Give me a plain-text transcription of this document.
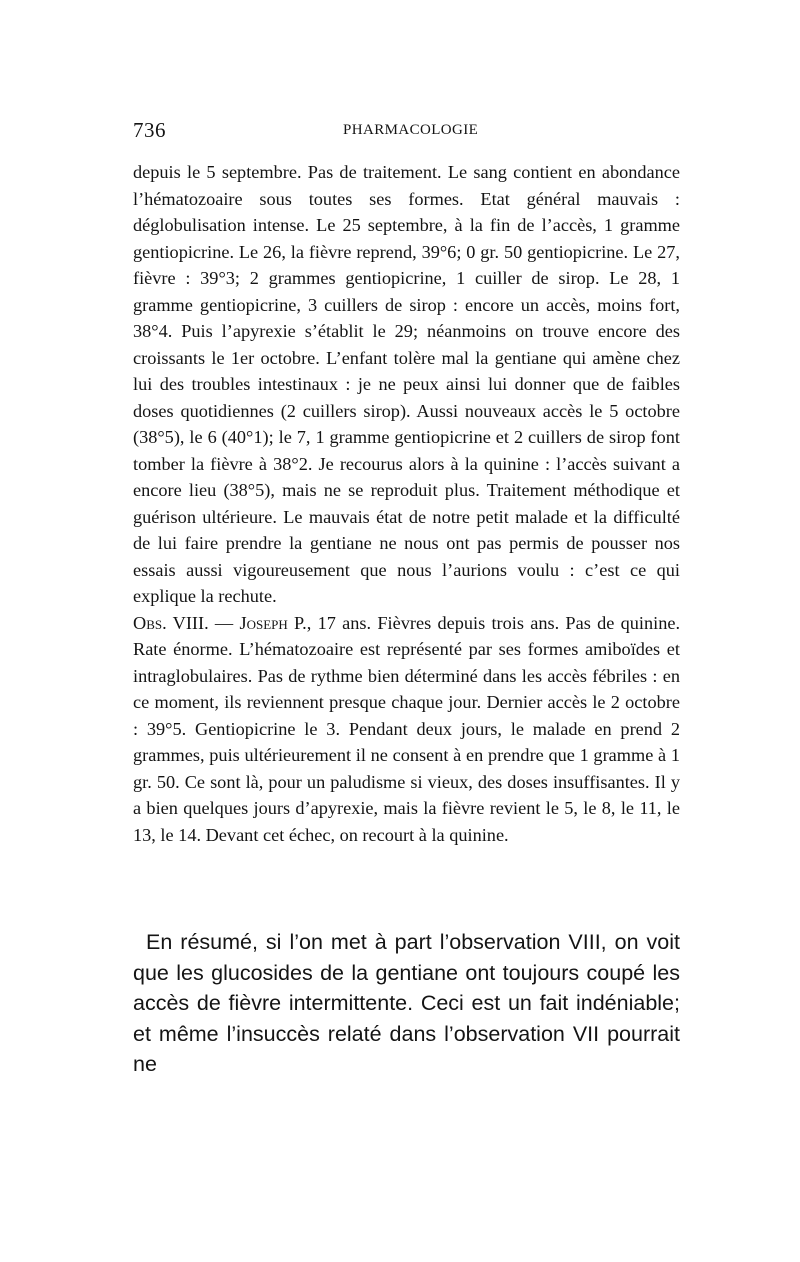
736	PHARMACOLOGIE

depuis le 5 septembre. Pas de traitement. Le sang contient en abondance l’hématozoaire sous toutes ses formes. Etat général mauvais : déglobulisation intense. Le 25 septembre, à la fin de l’accès, 1 gramme gentiopicrine. Le 26, la fièvre reprend, 39°6; 0 gr. 50 gentiopicrine. Le 27, fièvre : 39°3; 2 grammes gentiopicrine, 1 cuiller de sirop. Le 28, 1 gramme gentiopicrine, 3 cuillers de sirop : encore un accès, moins fort, 38°4. Puis l’apyrexie s’établit le 29; néanmoins on trouve encore des croissants le 1er octobre. L’enfant tolère mal la gentiane qui amène chez lui des troubles intestinaux : je ne peux ainsi lui donner que de faibles doses quotidiennes (2 cuillers sirop). Aussi nouveaux accès le 5 octobre (38°5), le 6 (40°1); le 7, 1 gramme gentiopicrine et 2 cuillers de sirop font tomber la fièvre à 38°2. Je recourus alors à la quinine : l’accès suivant a encore lieu (38°5), mais ne se reproduit plus. Traitement méthodique et guérison ultérieure. Le mauvais état de notre petit malade et la difficulté de lui faire prendre la gentiane ne nous ont pas permis de pousser nos essais aussi vigoureusement que nous l’aurions voulu : c’est ce qui explique la rechute.

Obs. VIII. — Joseph P., 17 ans. Fièvres depuis trois ans. Pas de quinine. Rate énorme. L’hématozoaire est représenté par ses formes amiboïdes et intraglobulaires. Pas de rythme bien déterminé dans les accès fébriles : en ce moment, ils reviennent presque chaque jour. Dernier accès le 2 octobre : 39°5. Gentiopicrine le 3. Pendant deux jours, le malade en prend 2 grammes, puis ultérieurement il ne consent à en prendre que 1 gramme à 1 gr. 50. Ce sont là, pour un paludisme si vieux, des doses insuffisantes. Il y a bien quelques jours d’apyrexie, mais la fièvre revient le 5, le 8, le 11, le 13, le 14. Devant cet échec, on recourt à la quinine.

En résumé, si l’on met à part l’observation VIII, on voit que les glucosides de la gentiane ont toujours coupé les accès de fièvre intermittente. Ceci est un fait indéniable; et même l’insuccès relaté dans l’observation VII pourrait ne
